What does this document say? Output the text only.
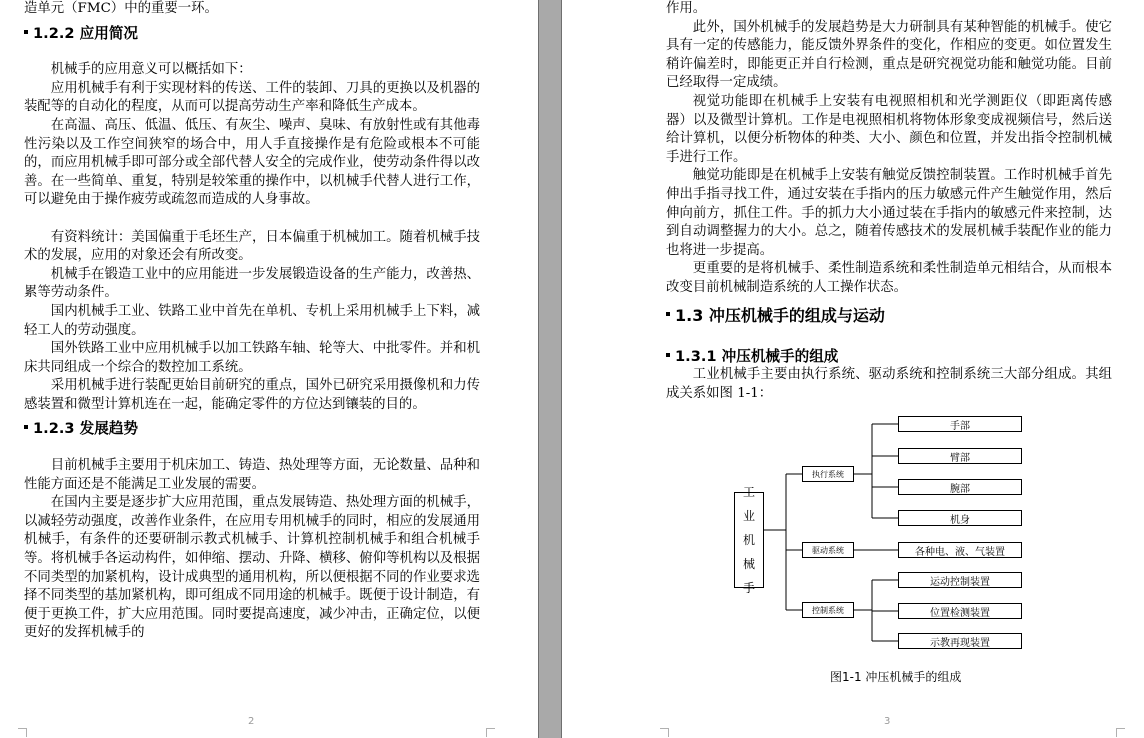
造单元（FMC）中的重要一环。

1.2.2 应用简况

机械手的应用意义可以概括如下：

应用机械手有利于实现材料的传送、工件的装卸、刀具的更换以及机器的装配等的自动化的程度，从而可以提高劳动生产率和降低生产成本。

在高温、高压、低温、低压、有灰尘、噪声、臭味、有放射性或有其他毒性污染以及工作空间狭窄的场合中，用人手直接操作是有危险或根本不可能的，而应用机械手即可部分或全部代替人安全的完成作业，使劳动条件得以改善。在一些简单、重复，特别是较笨重的操作中，以机械手代替人进行工作，可以避免由于操作疲劳或疏忽而造成的人身事故。

有资料统计：美国偏重于毛坯生产，日本偏重于机械加工。随着机械手技术的发展，应用的对象还会有所改变。

机械手在锻造工业中的应用能进一步发展锻造设备的生产能力，改善热、累等劳动条件。

国内机械手工业、铁路工业中首先在单机、专机上采用机械手上下料，减轻工人的劳动强度。

国外铁路工业中应用机械手以加工铁路车轴、轮等大、中批零件。并和机床共同组成一个综合的数控加工系统。

采用机械手进行装配更始目前研究的重点，国外已研究采用摄像机和力传感装置和微型计算机连在一起，能确定零件的方位达到镶装的目的。

1.2.3 发展趋势

目前机械手主要用于机床加工、铸造、热处理等方面，无论数量、品种和性能方面还是不能满足工业发展的需要。

在国内主要是逐步扩大应用范围，重点发展铸造、热处理方面的机械手，以减轻劳动强度，改善作业条件，在应用专用机械手的同时，相应的发展通用机械手，有条件的还要研制示教式机械手、计算机控制机械手和组合机械手等。将机械手各运动构件，如伸缩、摆动、升降、横移、俯仰等机构以及根据不同类型的加紧机构，设计成典型的通用机构，所以便根据不同的作业要求选择不同类型的基加紧机构，即可组成不同用途的机械手。既便于设计制造，有便于更换工件，扩大应用范围。同时要提高速度，减少冲击，正确定位，以便更好的发挥机械手的

2

作用。

此外，国外机械手的发展趋势是大力研制具有某种智能的机械手。使它具有一定的传感能力，能反馈外界条件的变化，作相应的变更。如位置发生稍许偏差时，即能更正并自行检测，重点是研究视觉功能和触觉功能。目前已经取得一定成绩。

视觉功能即在机械手上安装有电视照相机和光学测距仪（即距离传感器）以及微型计算机。工作是电视照相机将物体形象变成视频信号，然后送给计算机，以便分析物体的种类、大小、颜色和位置，并发出指令控制机械手进行工作。

触觉功能即是在机械手上安装有触觉反馈控制装置。工作时机械手首先伸出手指寻找工件，通过安装在手指内的压力敏感元件产生触觉作用，然后伸向前方，抓住工件。手的抓力大小通过装在手指内的敏感元件来控制，达到自动调整握力的大小。总之，随着传感技术的发展机械手装配作业的能力也将进一步提高。

更重要的是将机械手、柔性制造系统和柔性制造单元相结合，从而根本改变目前机械制造系统的人工操作状态。

1.3 冲压机械手的组成与运动

1.3.1 冲压机械手的组成

工业机械手主要由执行系统、驱动系统和控制系统三大部分组成。其组成关系如图 1-1：

工
业
机
械
手
执行系统
驱动系统
控制系统
手部
臂部
腕部
机身
各种电、液、气装置
运动控制装置
位置检测装置
示教再现装置
图1-1 冲压机械手的组成
3
